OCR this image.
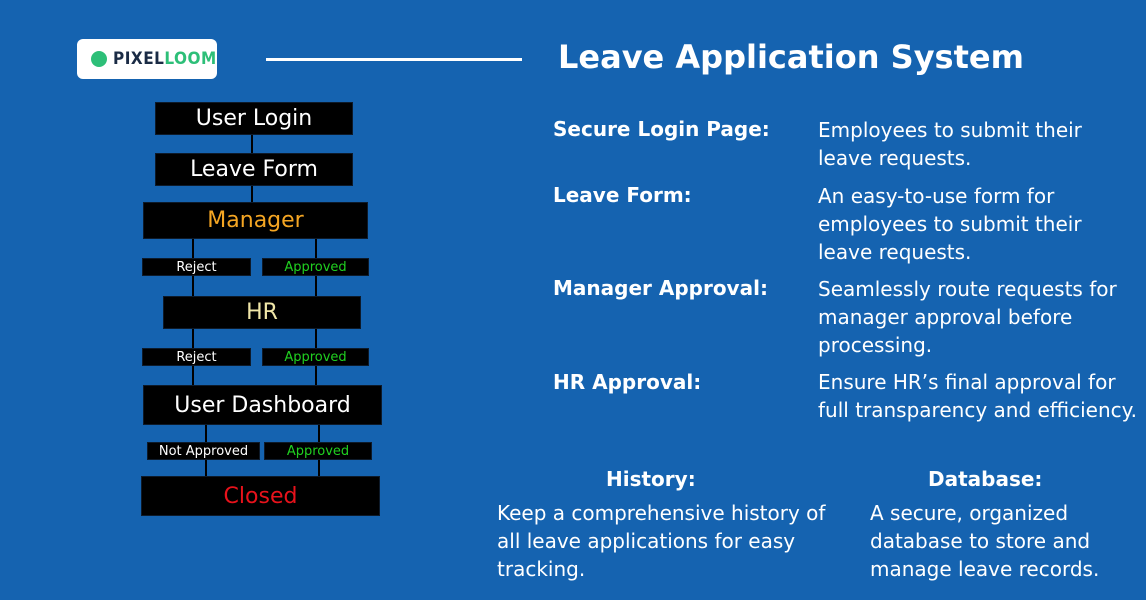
PIXELLOOM	Leave Application System
User Login
Leave Form
Manager
Reject	Approved
HR
Reject	Approved
User Dashboard
Not Approved	Approved
Closed
Secure Login Page: Employees to submit their leave requests.
Leave Form:	An easy-to-use form for employees to submit their leave requests.
Manager Approval:	Seamlessly route requests for manager approval before processing.
HR Approval:	Ensure HR’s final approval for full transparency and efficiency.
History:
Keep a comprehensive history of all leave applications for easy tracking.
Database:
A secure, organized database to store and manage leave records.
